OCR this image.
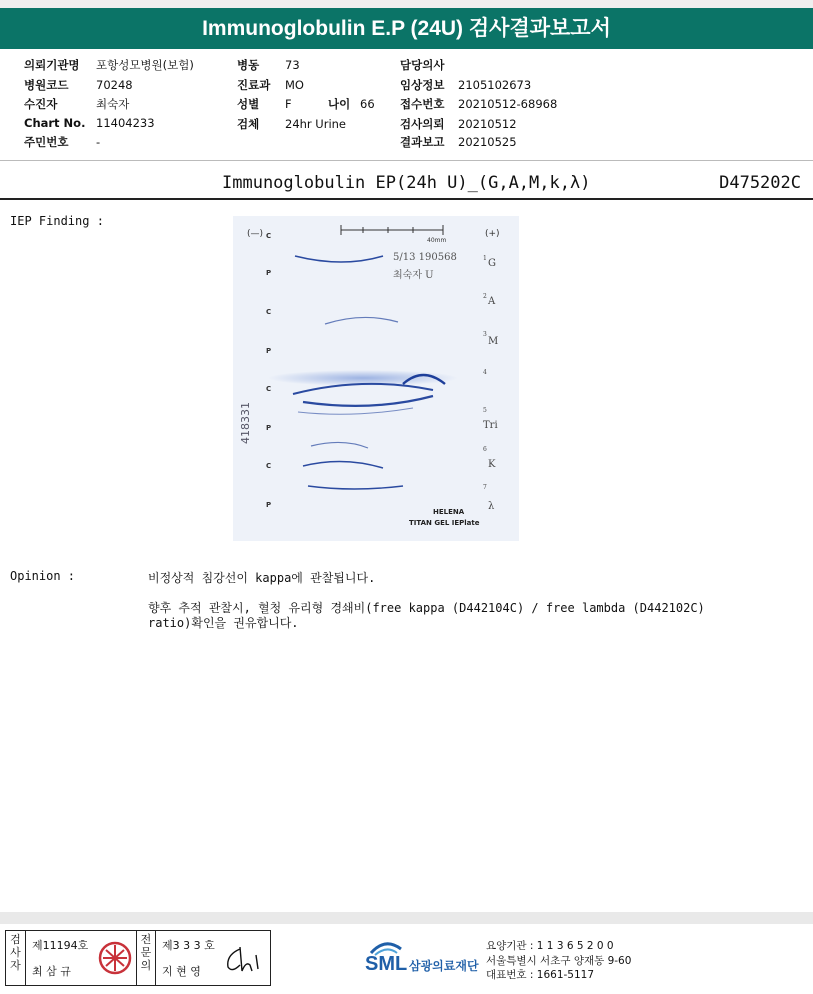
Immunoglobulin E.P (24U) 검사결과보고서
의뢰기관명 포항성모병원(보험)
병원코드 70248
수진자	최숙자
Chart No. 11404233
주민번호 -
병동 73
진료과 MO
성별 F	나이 66
검체 24hr Urine
담당의사
임상정보 2105102673
접수번호 20210512-68968
검사의뢰 20210512
결과보고 20210525
Immunoglobulin EP(24h U)_(G,A,M,k,λ)	D475202C
IEP Finding :
40mm
(—)	(+)
5/13 190568
최숙자 U
418331
C
P
C
P
C
P
C
P
1 G
2 A
3
M
4
5
Tri
6
K
7
λ
HELENA
TITAN GEL IEPlate
Opinion :	비정상적 침강선이 kappa에 관찰됩니다.
향후 추적 관찰시, 혈청 유리형 경쇄비(free kappa (D442104C) / free lambda (D442102C)
ratio)확인을 권유합니다.
검사자
제11194호
최 삼 규
전문의
제3 3 3 호
지 현 영	SML 삼광의료재단
요양기관 : 1 1 3 6 5 2 0 0
서울특별시 서초구 양재동 9-60
대표번호 : 1661-5117
